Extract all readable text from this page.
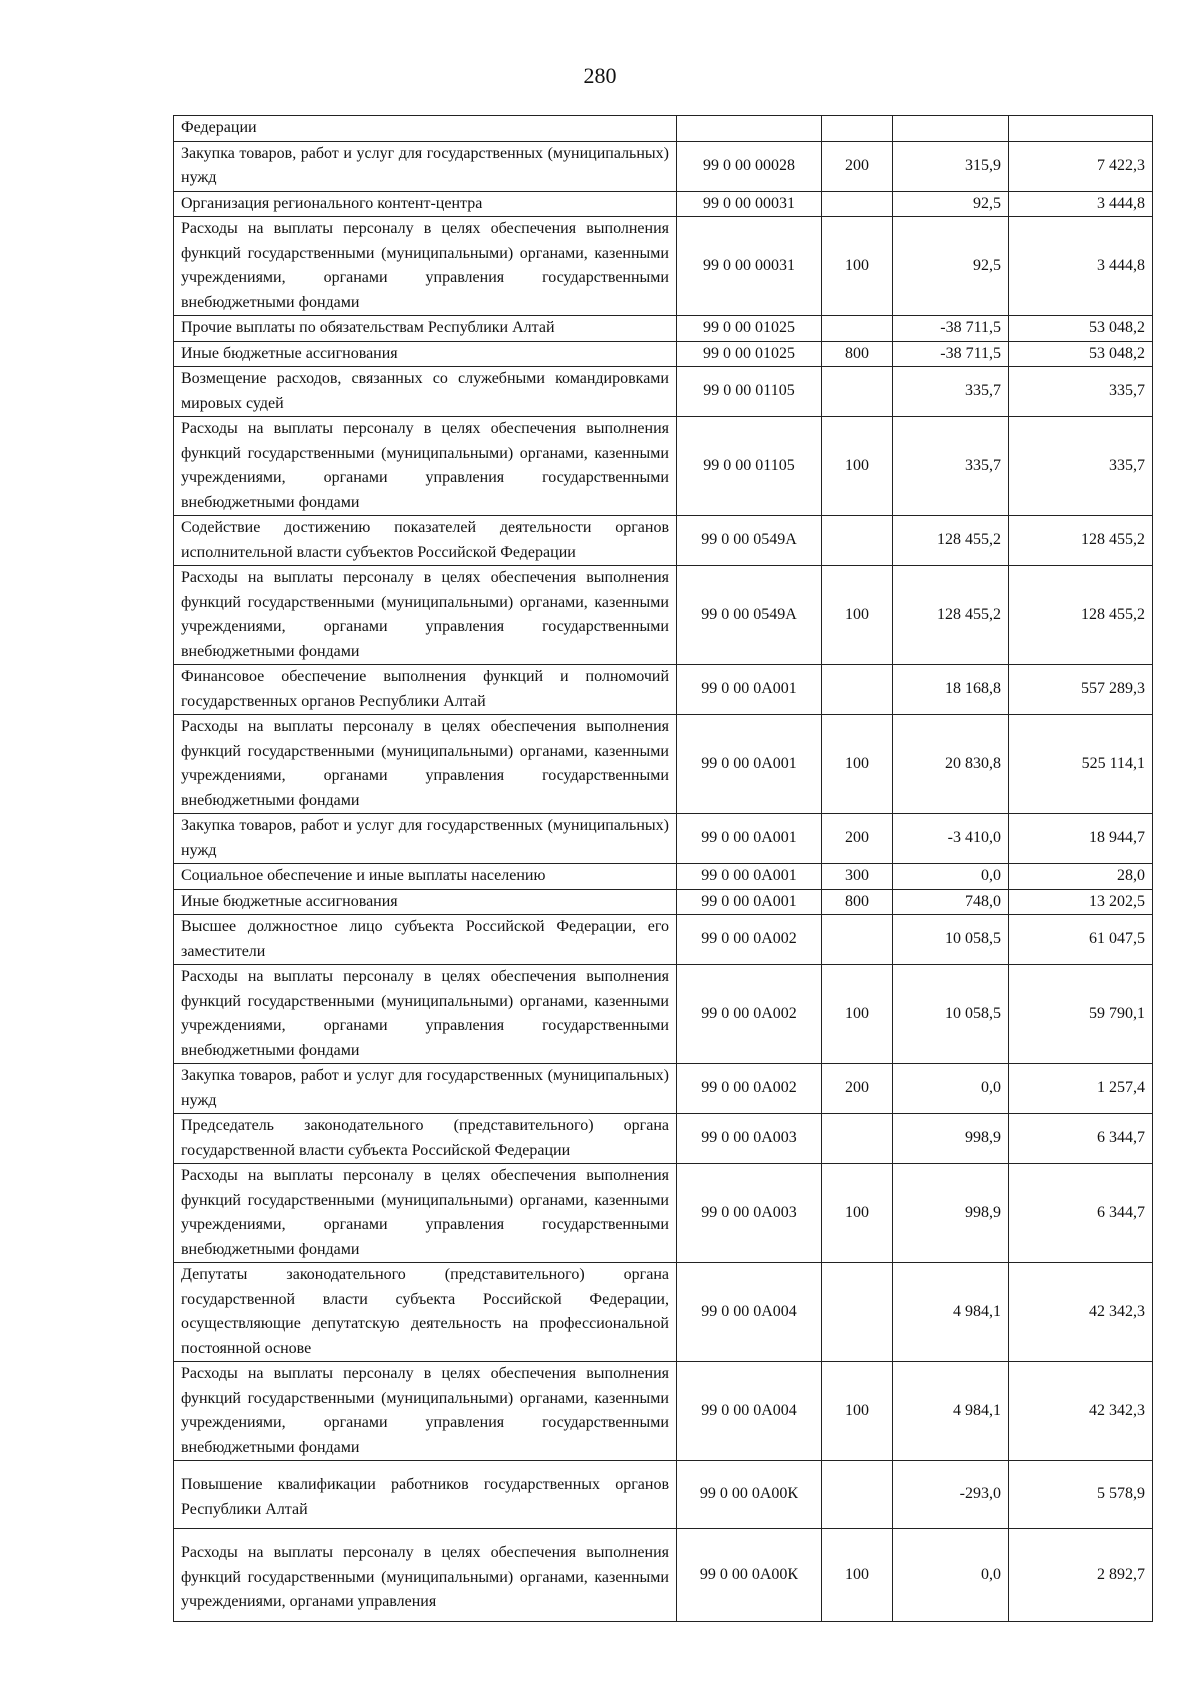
280
Федерации				
Закупка товаров, работ и услуг для государственных (муниципальных) нужд	99 0 00 00028	200	315,9	7 422,3
Организация регионального контент-центра	99 0 00 00031		92,5	3 444,8
Расходы на выплаты персоналу в целях обеспечения выполнения функций государственными (муниципальными) органами, казенными учреждениями, органами управления государственными внебюджетными фондами	99 0 00 00031	100	92,5	3 444,8
Прочие выплаты по обязательствам Республики Алтай	99 0 00 01025		-38 711,5	53 048,2
Иные бюджетные ассигнования	99 0 00 01025	800	-38 711,5	53 048,2
Возмещение расходов, связанных со служебными командировками мировых судей	99 0 00 01105		335,7	335,7
Расходы на выплаты персоналу в целях обеспечения выполнения функций государственными (муниципальными) органами, казенными учреждениями, органами управления государственными внебюджетными фондами	99 0 00 01105	100	335,7	335,7
Содействие достижению показателей деятельности органов исполнительной власти субъектов Российской Федерации	99 0 00 0549А		128 455,2	128 455,2
Расходы на выплаты персоналу в целях обеспечения выполнения функций государственными (муниципальными) органами, казенными учреждениями, органами управления государственными внебюджетными фондами	99 0 00 0549А	100	128 455,2	128 455,2
Финансовое обеспечение выполнения функций и полномочий государственных органов Республики Алтай	99 0 00 0А001		18 168,8	557 289,3
Расходы на выплаты персоналу в целях обеспечения выполнения функций государственными (муниципальными) органами, казенными учреждениями, органами управления государственными внебюджетными фондами	99 0 00 0А001	100	20 830,8	525 114,1
Закупка товаров, работ и услуг для государственных (муниципальных) нужд	99 0 00 0А001	200	-3 410,0	18 944,7
Социальное обеспечение и иные выплаты населению	99 0 00 0А001	300	0,0	28,0
Иные бюджетные ассигнования	99 0 00 0А001	800	748,0	13 202,5
Высшее должностное лицо субъекта Российской Федерации, его заместители	99 0 00 0А002		10 058,5	61 047,5
Расходы на выплаты персоналу в целях обеспечения выполнения функций государственными (муниципальными) органами, казенными учреждениями, органами управления государственными внебюджетными фондами	99 0 00 0А002	100	10 058,5	59 790,1
Закупка товаров, работ и услуг для государственных (муниципальных) нужд	99 0 00 0А002	200	0,0	1 257,4
Председатель законодательного (представительного) органа государственной власти субъекта Российской Федерации	99 0 00 0А003		998,9	6 344,7
Расходы на выплаты персоналу в целях обеспечения выполнения функций государственными (муниципальными) органами, казенными учреждениями, органами управления государственными внебюджетными фондами	99 0 00 0А003	100	998,9	6 344,7
Депутаты законодательного (представительного) органа государственной власти субъекта Российской Федерации, осуществляющие депутатскую деятельность на профессиональной постоянной основе	99 0 00 0А004		4 984,1	42 342,3
Расходы на выплаты персоналу в целях обеспечения выполнения функций государственными (муниципальными) органами, казенными учреждениями, органами управления государственными внебюджетными фондами	99 0 00 0А004	100	4 984,1	42 342,3
Повышение квалификации работников государственных органов Республики Алтай	99 0 00 0А00К		-293,0	5 578,9
Расходы на выплаты персоналу в целях обеспечения выполнения функций государственными (муниципальными) органами, казенными учреждениями, органами управления	99 0 00 0А00К	100	0,0	2 892,7
